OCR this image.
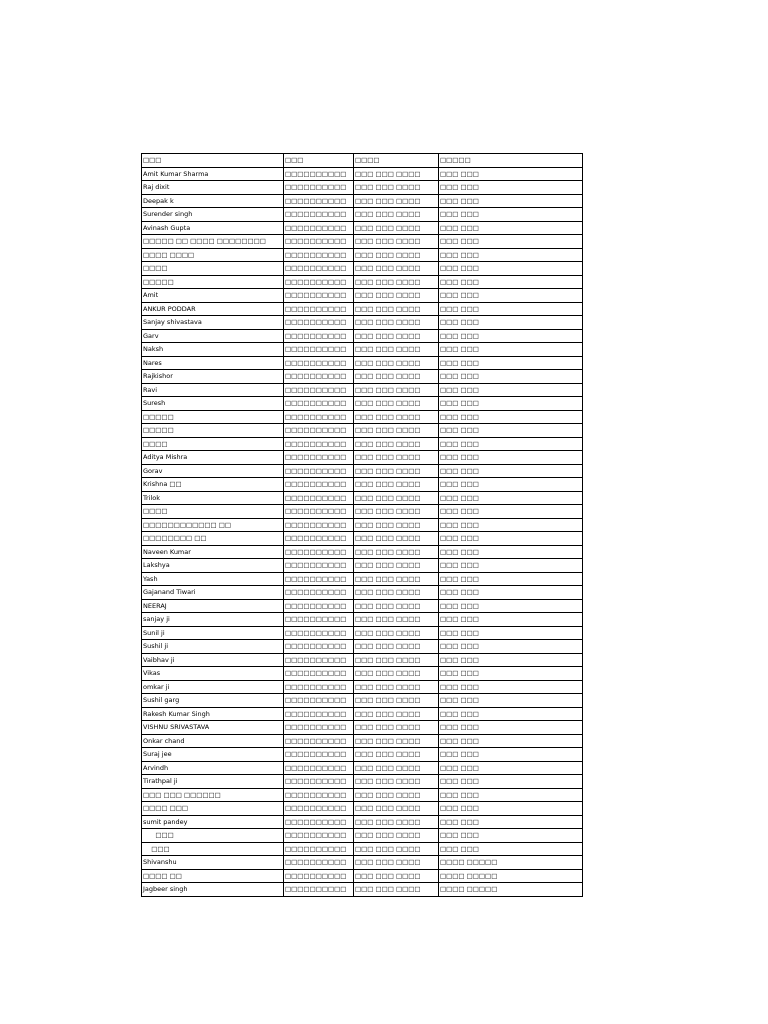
□□□	□□□	□□□□	□□□□□
Amit Kumar Sharma	□□□□□□□□□□	□□□ □□□ □□□□	□□□ □□□
Raj dixit	□□□□□□□□□□	□□□ □□□ □□□□	□□□ □□□
Deepak k	□□□□□□□□□□	□□□ □□□ □□□□	□□□ □□□
Surender singh	□□□□□□□□□□	□□□ □□□ □□□□	□□□ □□□
Avinash Gupta	□□□□□□□□□□	□□□ □□□ □□□□	□□□ □□□
□□□□□ □□ □□□□ □□□□□□□□	□□□□□□□□□□	□□□ □□□ □□□□	□□□ □□□
□□□□ □□□□	□□□□□□□□□□	□□□ □□□ □□□□	□□□ □□□
□□□□	□□□□□□□□□□	□□□ □□□ □□□□	□□□ □□□
□□□□□	□□□□□□□□□□	□□□ □□□ □□□□	□□□ □□□
Amit	□□□□□□□□□□	□□□ □□□ □□□□	□□□ □□□
ANKUR PODDAR	□□□□□□□□□□	□□□ □□□ □□□□	□□□ □□□
Sanjay shivastava	□□□□□□□□□□	□□□ □□□ □□□□	□□□ □□□
Garv	□□□□□□□□□□	□□□ □□□ □□□□	□□□ □□□
Naksh	□□□□□□□□□□	□□□ □□□ □□□□	□□□ □□□
Nares	□□□□□□□□□□	□□□ □□□ □□□□	□□□ □□□
Rajkishor	□□□□□□□□□□	□□□ □□□ □□□□	□□□ □□□
Ravi	□□□□□□□□□□	□□□ □□□ □□□□	□□□ □□□
Suresh	□□□□□□□□□□	□□□ □□□ □□□□	□□□ □□□
□□□□□	□□□□□□□□□□	□□□ □□□ □□□□	□□□ □□□
□□□□□	□□□□□□□□□□	□□□ □□□ □□□□	□□□ □□□
□□□□	□□□□□□□□□□	□□□ □□□ □□□□	□□□ □□□
Aditya Mishra	□□□□□□□□□□	□□□ □□□ □□□□	□□□ □□□
Gorav	□□□□□□□□□□	□□□ □□□ □□□□	□□□ □□□
Krishna □□	□□□□□□□□□□	□□□ □□□ □□□□	□□□ □□□
Trilok	□□□□□□□□□□	□□□ □□□ □□□□	□□□ □□□
□□□□	□□□□□□□□□□	□□□ □□□ □□□□	□□□ □□□
□□□□□□□□□□□□ □□	□□□□□□□□□□	□□□ □□□ □□□□	□□□ □□□
□□□□□□□□ □□	□□□□□□□□□□	□□□ □□□ □□□□	□□□ □□□
Naveen Kumar	□□□□□□□□□□	□□□ □□□ □□□□	□□□ □□□
Lakshya	□□□□□□□□□□	□□□ □□□ □□□□	□□□ □□□
Yash	□□□□□□□□□□	□□□ □□□ □□□□	□□□ □□□
Gajanand Tiwari	□□□□□□□□□□	□□□ □□□ □□□□	□□□ □□□
NEERAJ	□□□□□□□□□□	□□□ □□□ □□□□	□□□ □□□
sanjay ji	□□□□□□□□□□	□□□ □□□ □□□□	□□□ □□□
Sunil ji	□□□□□□□□□□	□□□ □□□ □□□□	□□□ □□□
Sushil ji	□□□□□□□□□□	□□□ □□□ □□□□	□□□ □□□
Vaibhav ji	□□□□□□□□□□	□□□ □□□ □□□□	□□□ □□□
Vikas	□□□□□□□□□□	□□□ □□□ □□□□	□□□ □□□
omkar ji	□□□□□□□□□□	□□□ □□□ □□□□	□□□ □□□
Sushil garg	□□□□□□□□□□	□□□ □□□ □□□□	□□□ □□□
Rakesh Kumar Singh	□□□□□□□□□□	□□□ □□□ □□□□	□□□ □□□
VISHNU SRIVASTAVA	□□□□□□□□□□	□□□ □□□ □□□□	□□□ □□□
Onkar chand	□□□□□□□□□□	□□□ □□□ □□□□	□□□ □□□
Suraj jee	□□□□□□□□□□	□□□ □□□ □□□□	□□□ □□□
Arvindh	□□□□□□□□□□	□□□ □□□ □□□□	□□□ □□□
Tirathpal ji	□□□□□□□□□□	□□□ □□□ □□□□	□□□ □□□
□□□ □□□ □□□□□□	□□□□□□□□□□	□□□ □□□ □□□□	□□□ □□□
□□□□ □□□	□□□□□□□□□□	□□□ □□□ □□□□	□□□ □□□
sumit pandey	□□□□□□□□□□	□□□ □□□ □□□□	□□□ □□□
□□□	□□□□□□□□□□	□□□ □□□ □□□□	□□□ □□□
□□□	□□□□□□□□□□	□□□ □□□ □□□□	□□□ □□□
Shivanshu	□□□□□□□□□□	□□□ □□□ □□□□	□□□□ □□□□□
□□□□ □□	□□□□□□□□□□	□□□ □□□ □□□□	□□□□ □□□□□
Jagbeer singh	□□□□□□□□□□	□□□ □□□ □□□□	□□□□ □□□□□
